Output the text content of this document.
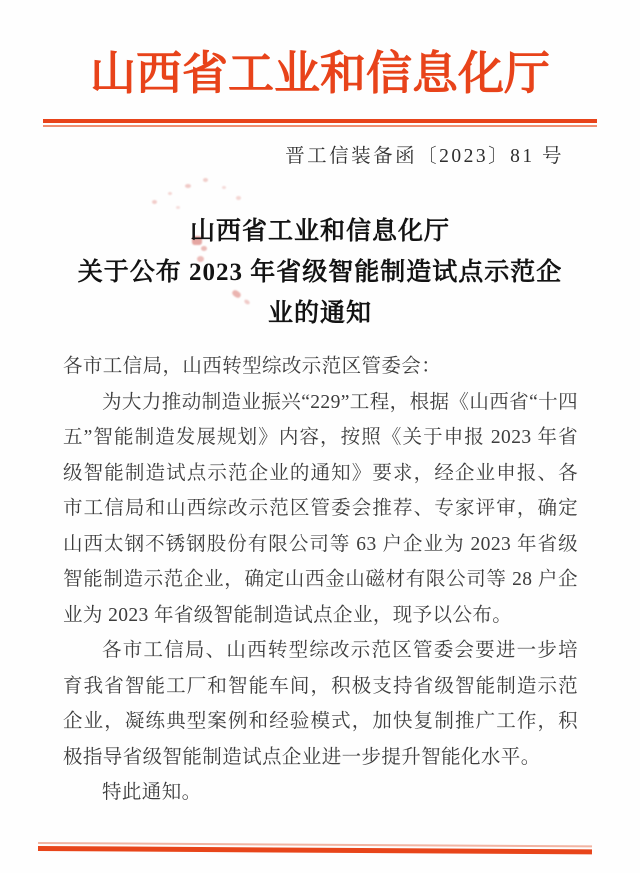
山西省工业和信息化厅
晋工信装备函〔2023〕81 号
山西省工业和信息化厅
关于公布 2023 年省级智能制造试点示范企业的通知

各市工信局，山西转型综改示范区管委会：

为大力推动制造业振兴“229”工程，根据《山西省“十四五”智能制造发展规划》内容，按照《关于申报 2023 年省级智能制造试点示范企业的通知》要求，经企业申报、各市工信局和山西综改示范区管委会推荐、专家评审，确定山西太钢不锈钢股份有限公司等 63 户企业为 2023 年省级智能制造示范企业，确定山西金山磁材有限公司等 28 户企业为 2023 年省级智能制造试点企业，现予以公布。

各市工信局、山西转型综改示范区管委会要进一步培育我省智能工厂和智能车间，积极支持省级智能制造示范企业，凝练典型案例和经验模式，加快复制推广工作，积极指导省级智能制造试点企业进一步提升智能化水平。

特此通知。
